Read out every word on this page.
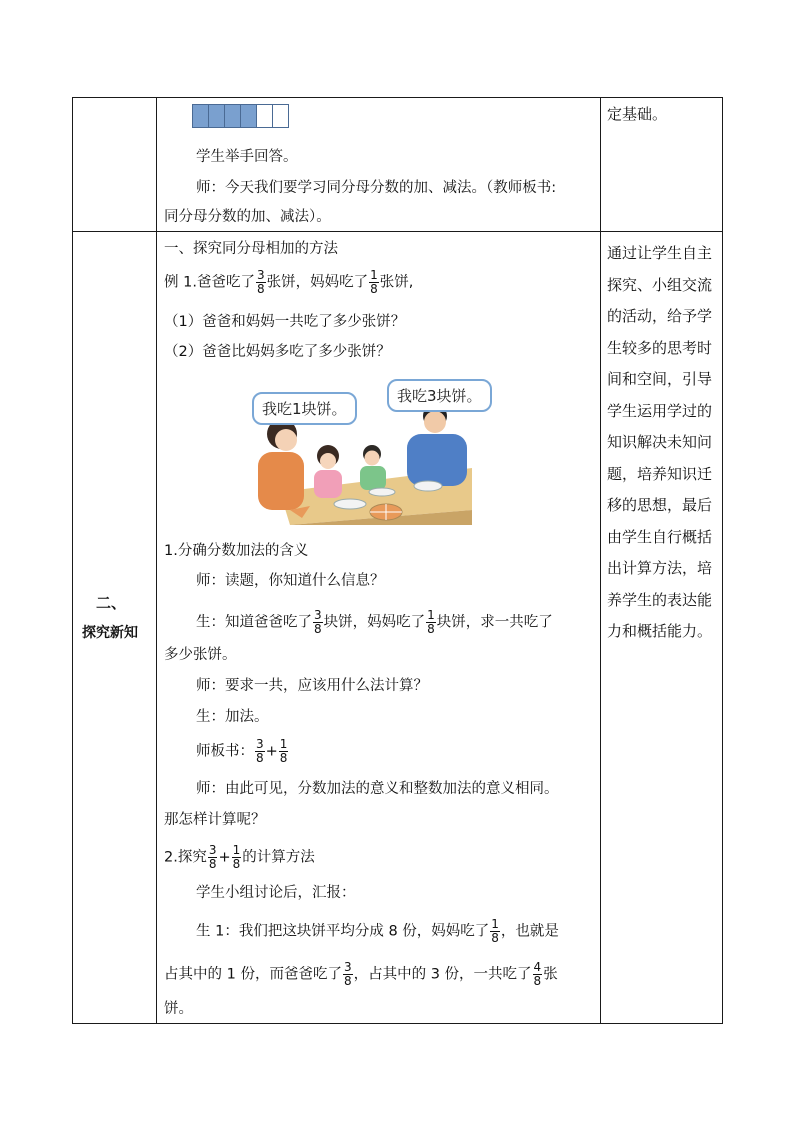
学生举手回答。
师：今天我们要学习同分母分数的加、减法。（教师板书:
同分母分数的加、减法）。
定基础。
二、
探究新知
通过让学生自主探究、小组交流的活动，给予学生较多的思考时间和空间，引导学生运用学过的知识解决未知问题，培养知识迁移的思想，最后由学生自行概括出计算方法，培养学生的表达能力和概括能力。
一、探究同分母相加的方法
例 1.爸爸吃了 $\frac{3}{8}$ 张饼，妈妈吃了 $\frac{1}{8}$ 张饼,
（1）爸爸和妈妈一共吃了多少张饼？
（2）爸爸比妈妈多吃了多少张饼？
我吃1块饼。
我吃3块饼。
1.分确分数加法的含义
师：读题，你知道什么信息？
生：知道爸爸吃了 $\frac{3}{8}$ 块饼，妈妈吃了 $\frac{1}{8}$ 块饼，求一共吃了
多少张饼。
师：要求一共，应该用什么法计算？
生：加法。
师板书： $\frac{3}{8} + \frac{1}{8}$
师：由此可见，分数加法的意义和整数加法的意义相同。
那怎样计算呢？
2.探究 $\frac{3}{8} + \frac{1}{8}$ 的计算方法
学生小组讨论后，汇报：
生 1：我们把这块饼平均分成 8 份，妈妈吃了 $\frac{1}{8}$ ，也就是
占其中的 1 份，而爸爸吃了 $\frac{3}{8}$ ，占其中的 3 份，一共吃了 $\frac{4}{8}$ 张
饼。
